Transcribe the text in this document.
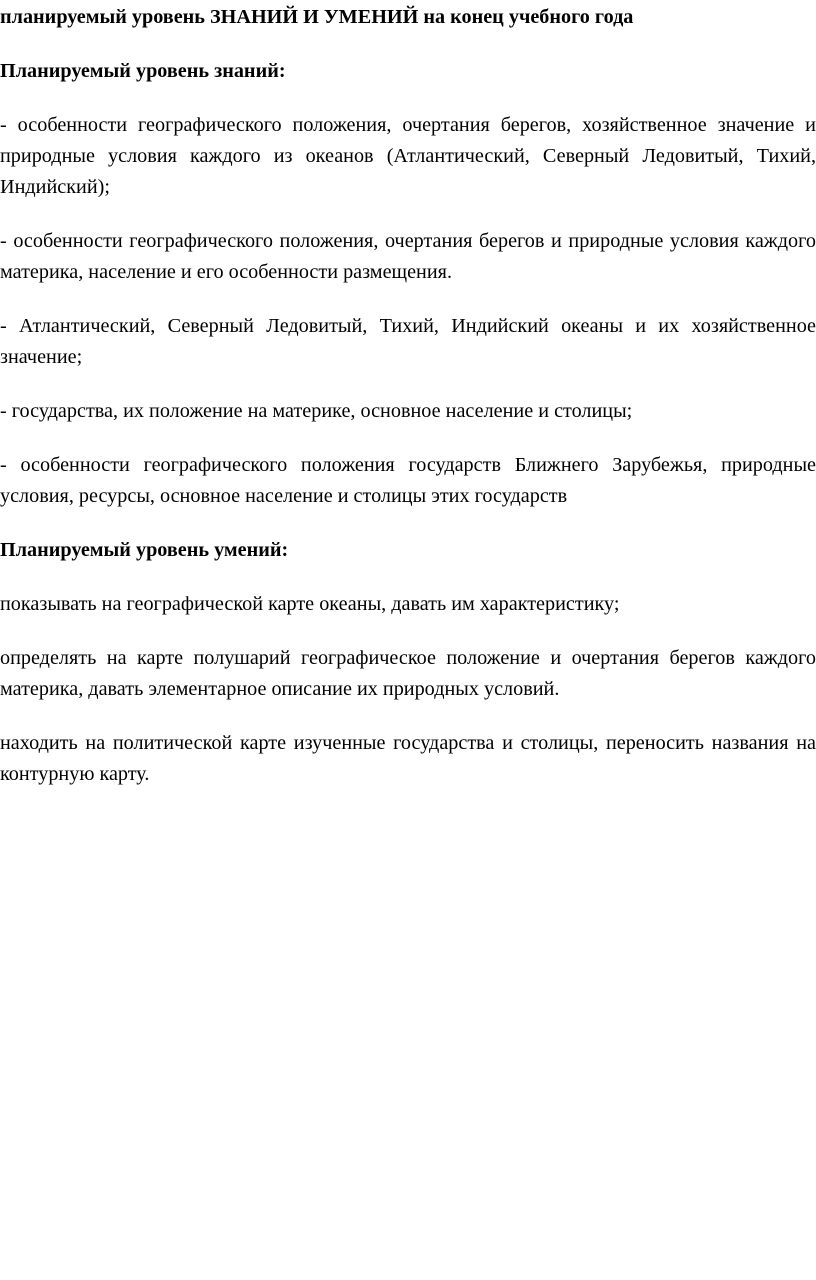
планируемый уровень ЗНАНИЙ И УМЕНИЙ на конец учебного года

Планируемый уровень знаний:

- особенности географического положения, очертания берегов, хозяйственное значение и природные условия каждого из океанов (Атлантический, Северный Ледовитый, Тихий, Индийский);

- особенности географического положения, очертания берегов и природные условия каждого материка, население и его особенности размещения.

- Атлантический, Северный Ледовитый, Тихий, Индийский океаны и их хозяйственное значение;

- государства, их положение на материке, основное население и столицы;

- особенности географического положения государств Ближнего Зарубежья, природные условия, ресурсы, основное население и столицы этих государств

Планируемый уровень умений:

показывать на географической карте океаны, давать им характеристику;

определять на карте полушарий географическое положение и очертания берегов каждого материка, давать элементарное описание их природных условий.

находить на политической карте изученные государства и столицы, переносить названия на контурную карту.
